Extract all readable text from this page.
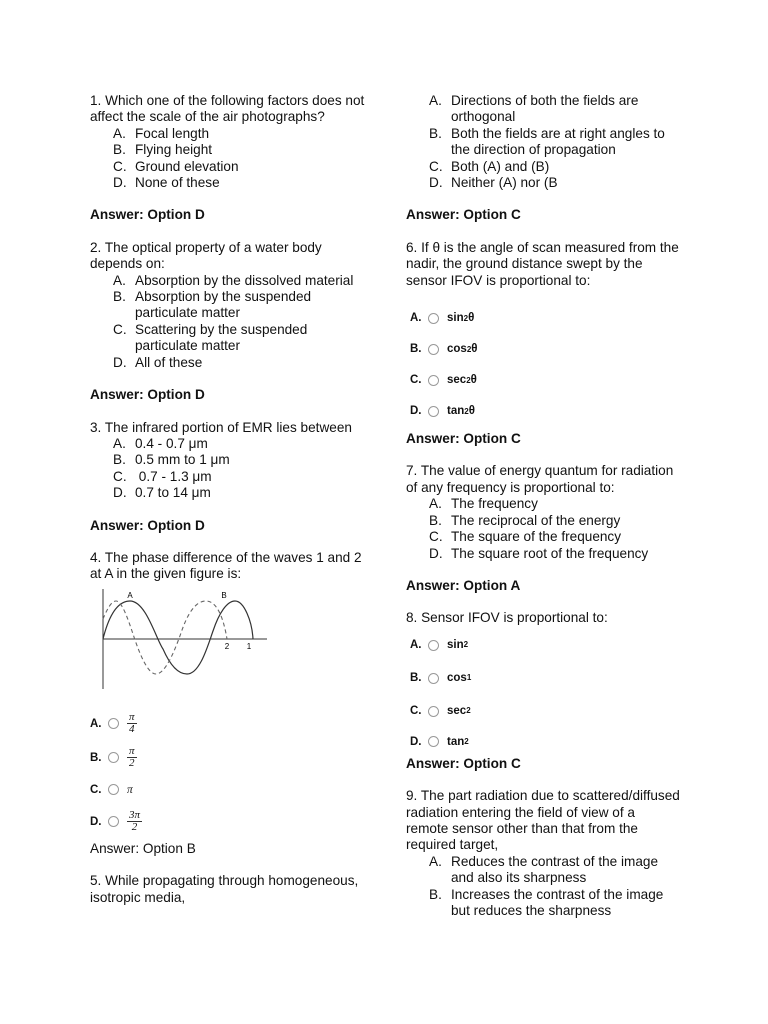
1. Which one of the following factors does not affect the scale of the air photographs?

A. Focal length
B. Flying height
C. Ground elevation
D. None of these

Answer: Option D

2. The optical property of a water body depends on:

A. Absorption by the dissolved material
B. Absorption by the suspended particulate matter
C. Scattering by the suspended particulate matter
D. All of these

Answer: Option D

3. The infrared portion of EMR lies between

A. 0.4 - 0.7 μm
B. 0.5 mm to 1 μm
C. 0.7 - 1.3 μm
D. 0.7 to 14 μm

Answer: Option D

4. The phase difference of the waves 1 and 2 at A in the given figure is:

A	B
2 1
A.	$\frac{\pi}{4}$
B.	$\frac{\pi}{2}$
C.	π
D.	$\frac{3\pi}{2}$

Answer: Option B

5. While propagating through homogeneous, isotropic media,

A. Directions of both the fields are orthogonal
B. Both the fields are at right angles to the direction of propagation
C. Both (A) and (B)
D. Neither (A) nor (B

Answer: Option C

6. If θ is the angle of scan measured from the nadir, the ground distance swept by the sensor IFOV is proportional to:

A.	sin 2 θ
B.	cos 2 θ
C.	sec 2 θ
D.	tan 2 θ

Answer: Option C

7. The value of energy quantum for radiation of any frequency is proportional to:

A. The frequency
B. The reciprocal of the energy
C. The square of the frequency
D. The square root of the frequency

Answer: Option A

8. Sensor IFOV is proportional to:

A.	sin 2
B.	cos 1
C.	sec 2
D.	tan 2

Answer: Option C

9. The part radiation due to scattered/diffused radiation entering the field of view of a remote sensor other than that from the required target,

A. Reduces the contrast of the image and also its sharpness
B. Increases the contrast of the image but reduces the sharpness
